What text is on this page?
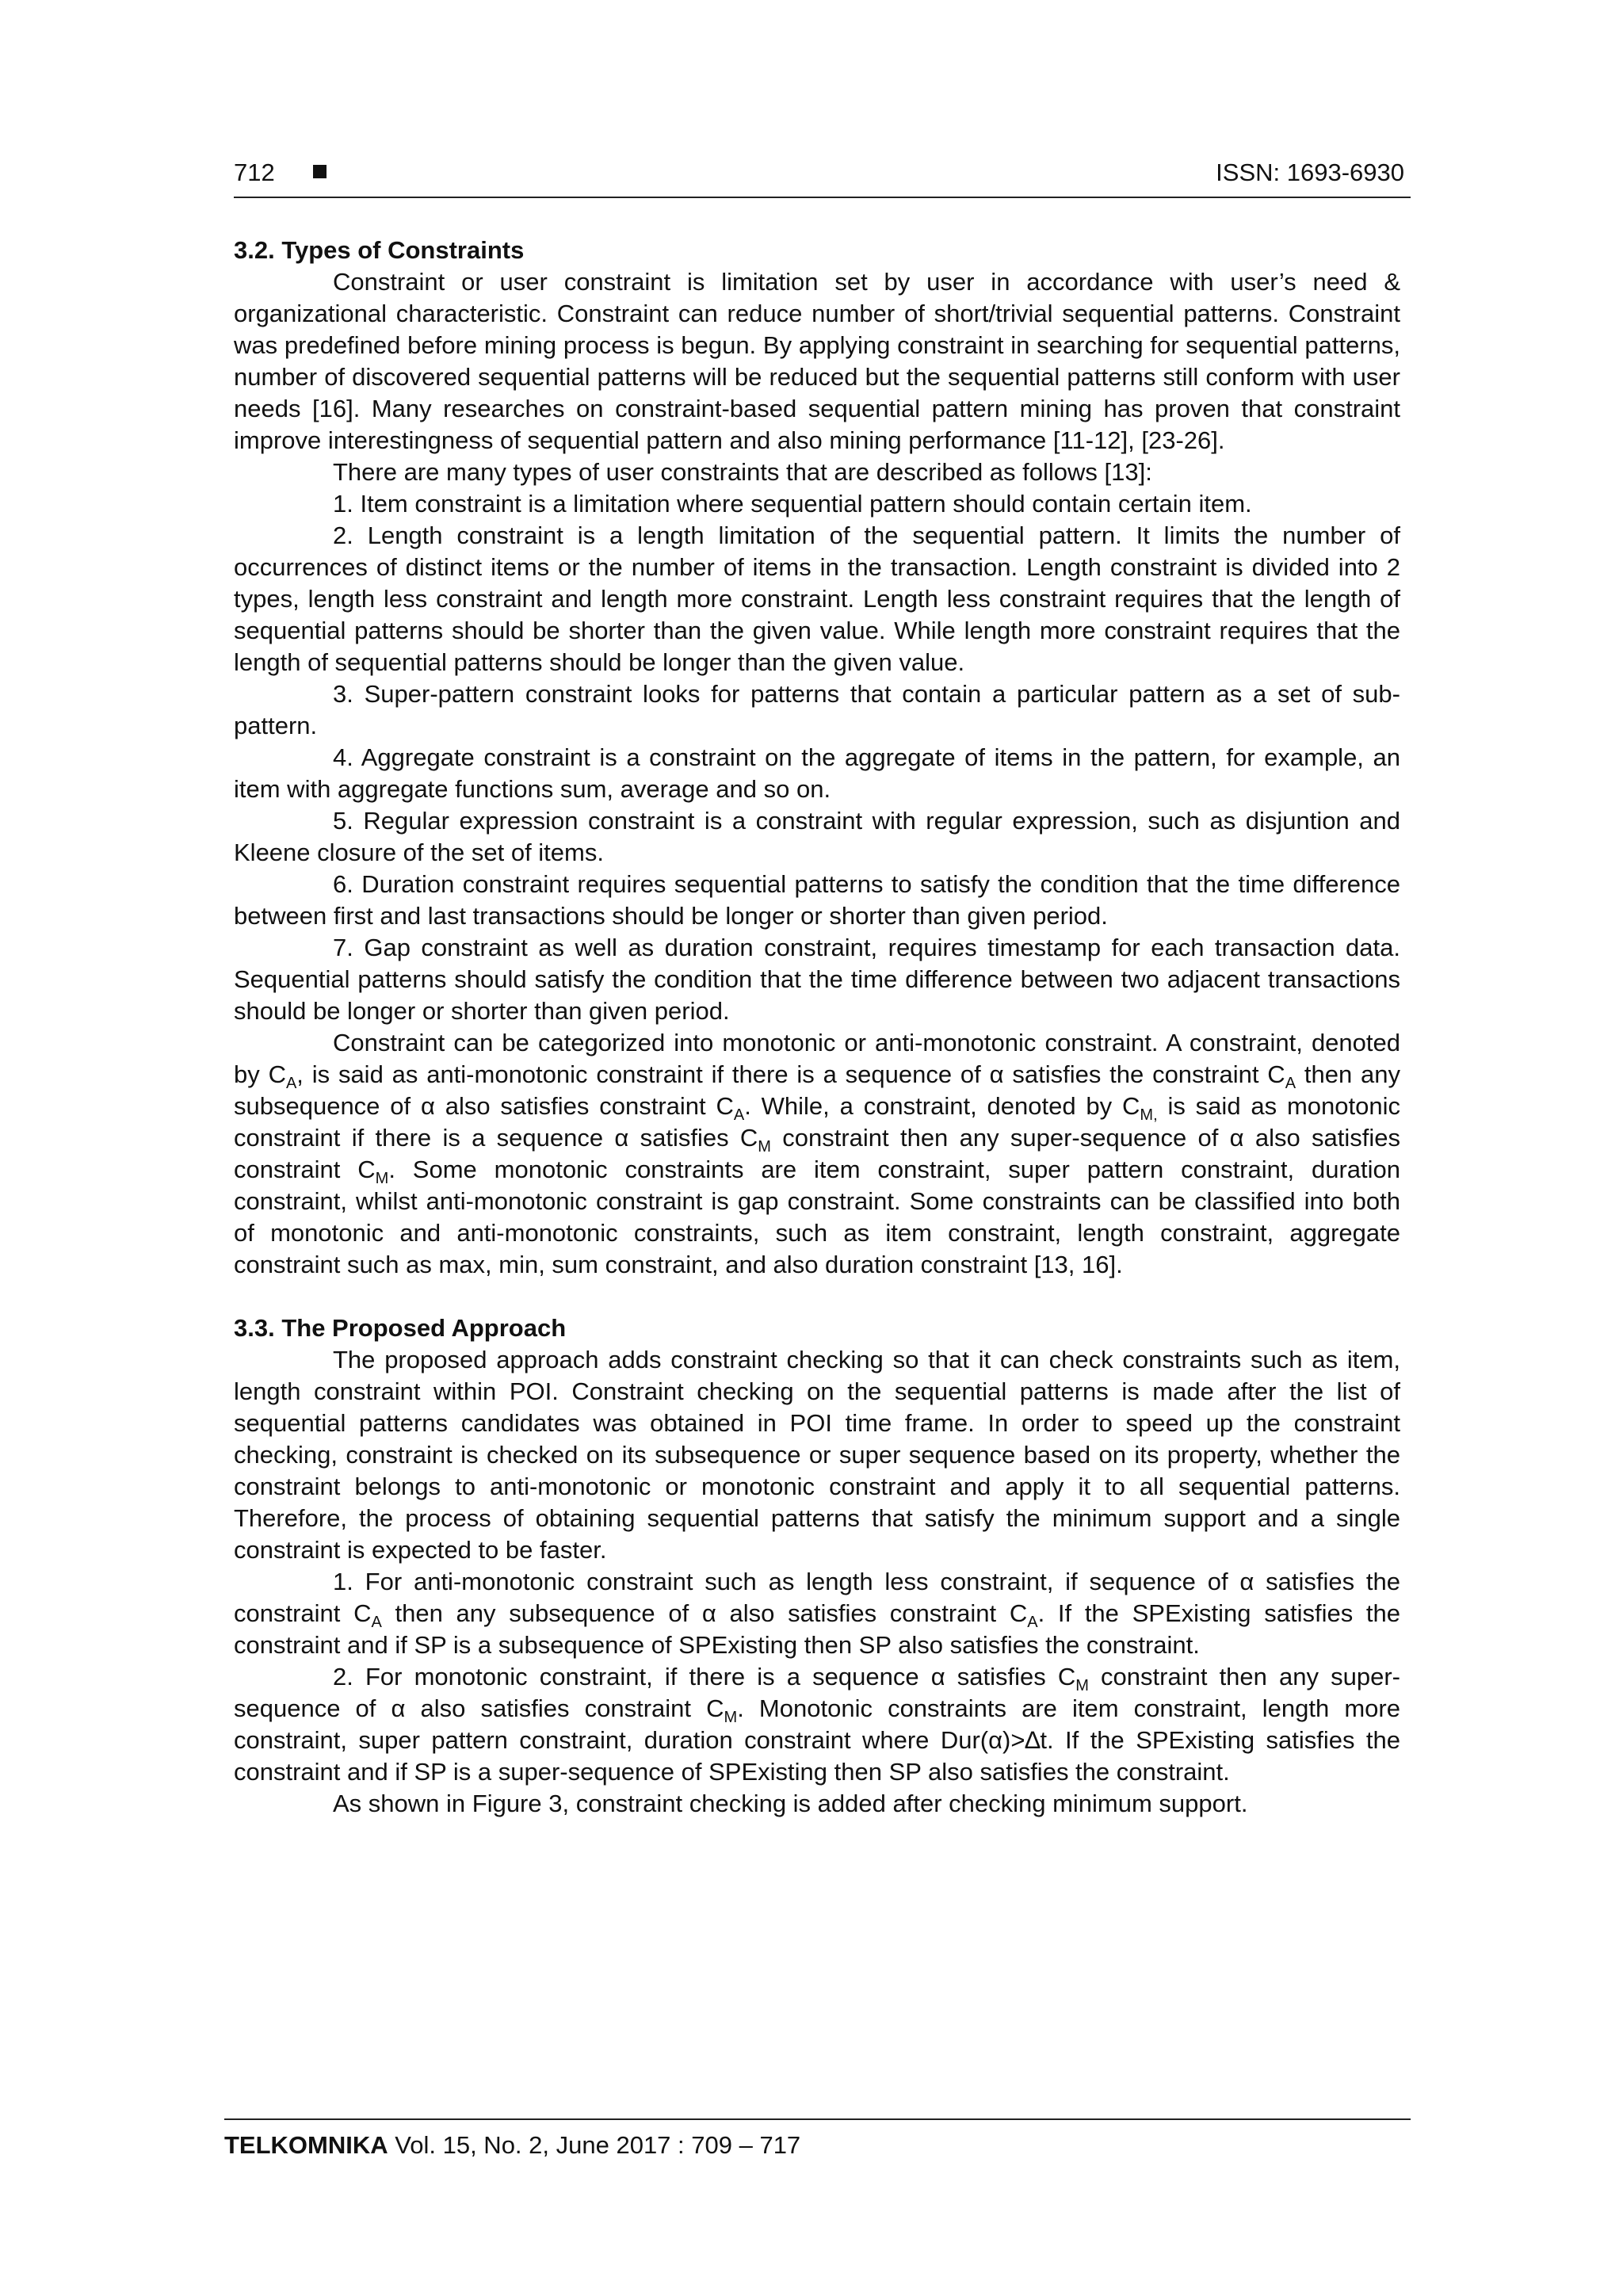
712	ISSN: 1693-6930
3.2. Types of Constraints

Constraint or user constraint is limitation set by user in accordance with user’s need & organizational characteristic. Constraint can reduce number of short/trivial sequential patterns. Constraint was predefined before mining process is begun. By applying constraint in searching for sequential patterns, number of discovered sequential patterns will be reduced but the sequential patterns still conform with user needs [16]. Many researches on constraint-based sequential pattern mining has proven that constraint improve interestingness of sequential pattern and also mining performance [11-12], [23-26].

There are many types of user constraints that are described as follows [13]:

1. Item constraint is a limitation where sequential pattern should contain certain item.

2. Length constraint is a length limitation of the sequential pattern. It limits the number of occurrences of distinct items or the number of items in the transaction. Length constraint is divided into 2 types, length less constraint and length more constraint. Length less constraint requires that the length of sequential patterns should be shorter than the given value. While length more constraint requires that the length of sequential patterns should be longer than the given value.

3. Super-pattern constraint looks for patterns that contain a particular pattern as a set of sub-pattern.

4. Aggregate constraint is a constraint on the aggregate of items in the pattern, for example, an item with aggregate functions sum, average and so on.

5. Regular expression constraint is a constraint with regular expression, such as disjuntion and Kleene closure of the set of items.

6. Duration constraint requires sequential patterns to satisfy the condition that the time difference between first and last transactions should be longer or shorter than given period.

7. Gap constraint as well as duration constraint, requires timestamp for each transaction data. Sequential patterns should satisfy the condition that the time difference between two adjacent transactions should be longer or shorter than given period.

Constraint can be categorized into monotonic or anti-monotonic constraint. A constraint, denoted by $C_A$, is said as anti-monotonic constraint if there is a sequence of α satisfies the constraint $C_A$ then any subsequence of α also satisfies constraint $C_A$. While, a constraint, denoted by $C_{M,}$ is said as monotonic constraint if there is a sequence α satisfies $C_M$ constraint then any super-sequence of α also satisfies constraint $C_M$. Some monotonic constraints are item constraint, super pattern constraint, duration constraint, whilst anti-monotonic constraint is gap constraint. Some constraints can be classified into both of monotonic and anti-monotonic constraints, such as item constraint, length constraint, aggregate constraint such as max, min, sum constraint, and also duration constraint [13, 16].

3.3. The Proposed Approach

The proposed approach adds constraint checking so that it can check constraints such as item, length constraint within POI. Constraint checking on the sequential patterns is made after the list of sequential patterns candidates was obtained in POI time frame. In order to speed up the constraint checking, constraint is checked on its subsequence or super sequence based on its property, whether the constraint belongs to anti-monotonic or monotonic constraint and apply it to all sequential patterns. Therefore, the process of obtaining sequential patterns that satisfy the minimum support and a single constraint is expected to be faster.

1. For anti-monotonic constraint such as length less constraint, if sequence of α satisfies the constraint $C_A$ then any subsequence of α also satisfies constraint $C_A$. If the SPExisting satisfies the constraint and if SP is a subsequence of SPExisting then SP also satisfies the constraint.

2. For monotonic constraint, if there is a sequence α satisfies $C_M$ constraint then any super-sequence of α also satisfies constraint $C_M$. Monotonic constraints are item constraint, length more constraint, super pattern constraint, duration constraint where Dur(α)>∆t. If the SPExisting satisfies the constraint and if SP is a super-sequence of SPExisting then SP also satisfies the constraint.

As shown in Figure 3, constraint checking is added after checking minimum support.

TELKOMNIKA Vol. 15, No. 2, June 2017 : 709 – 717
